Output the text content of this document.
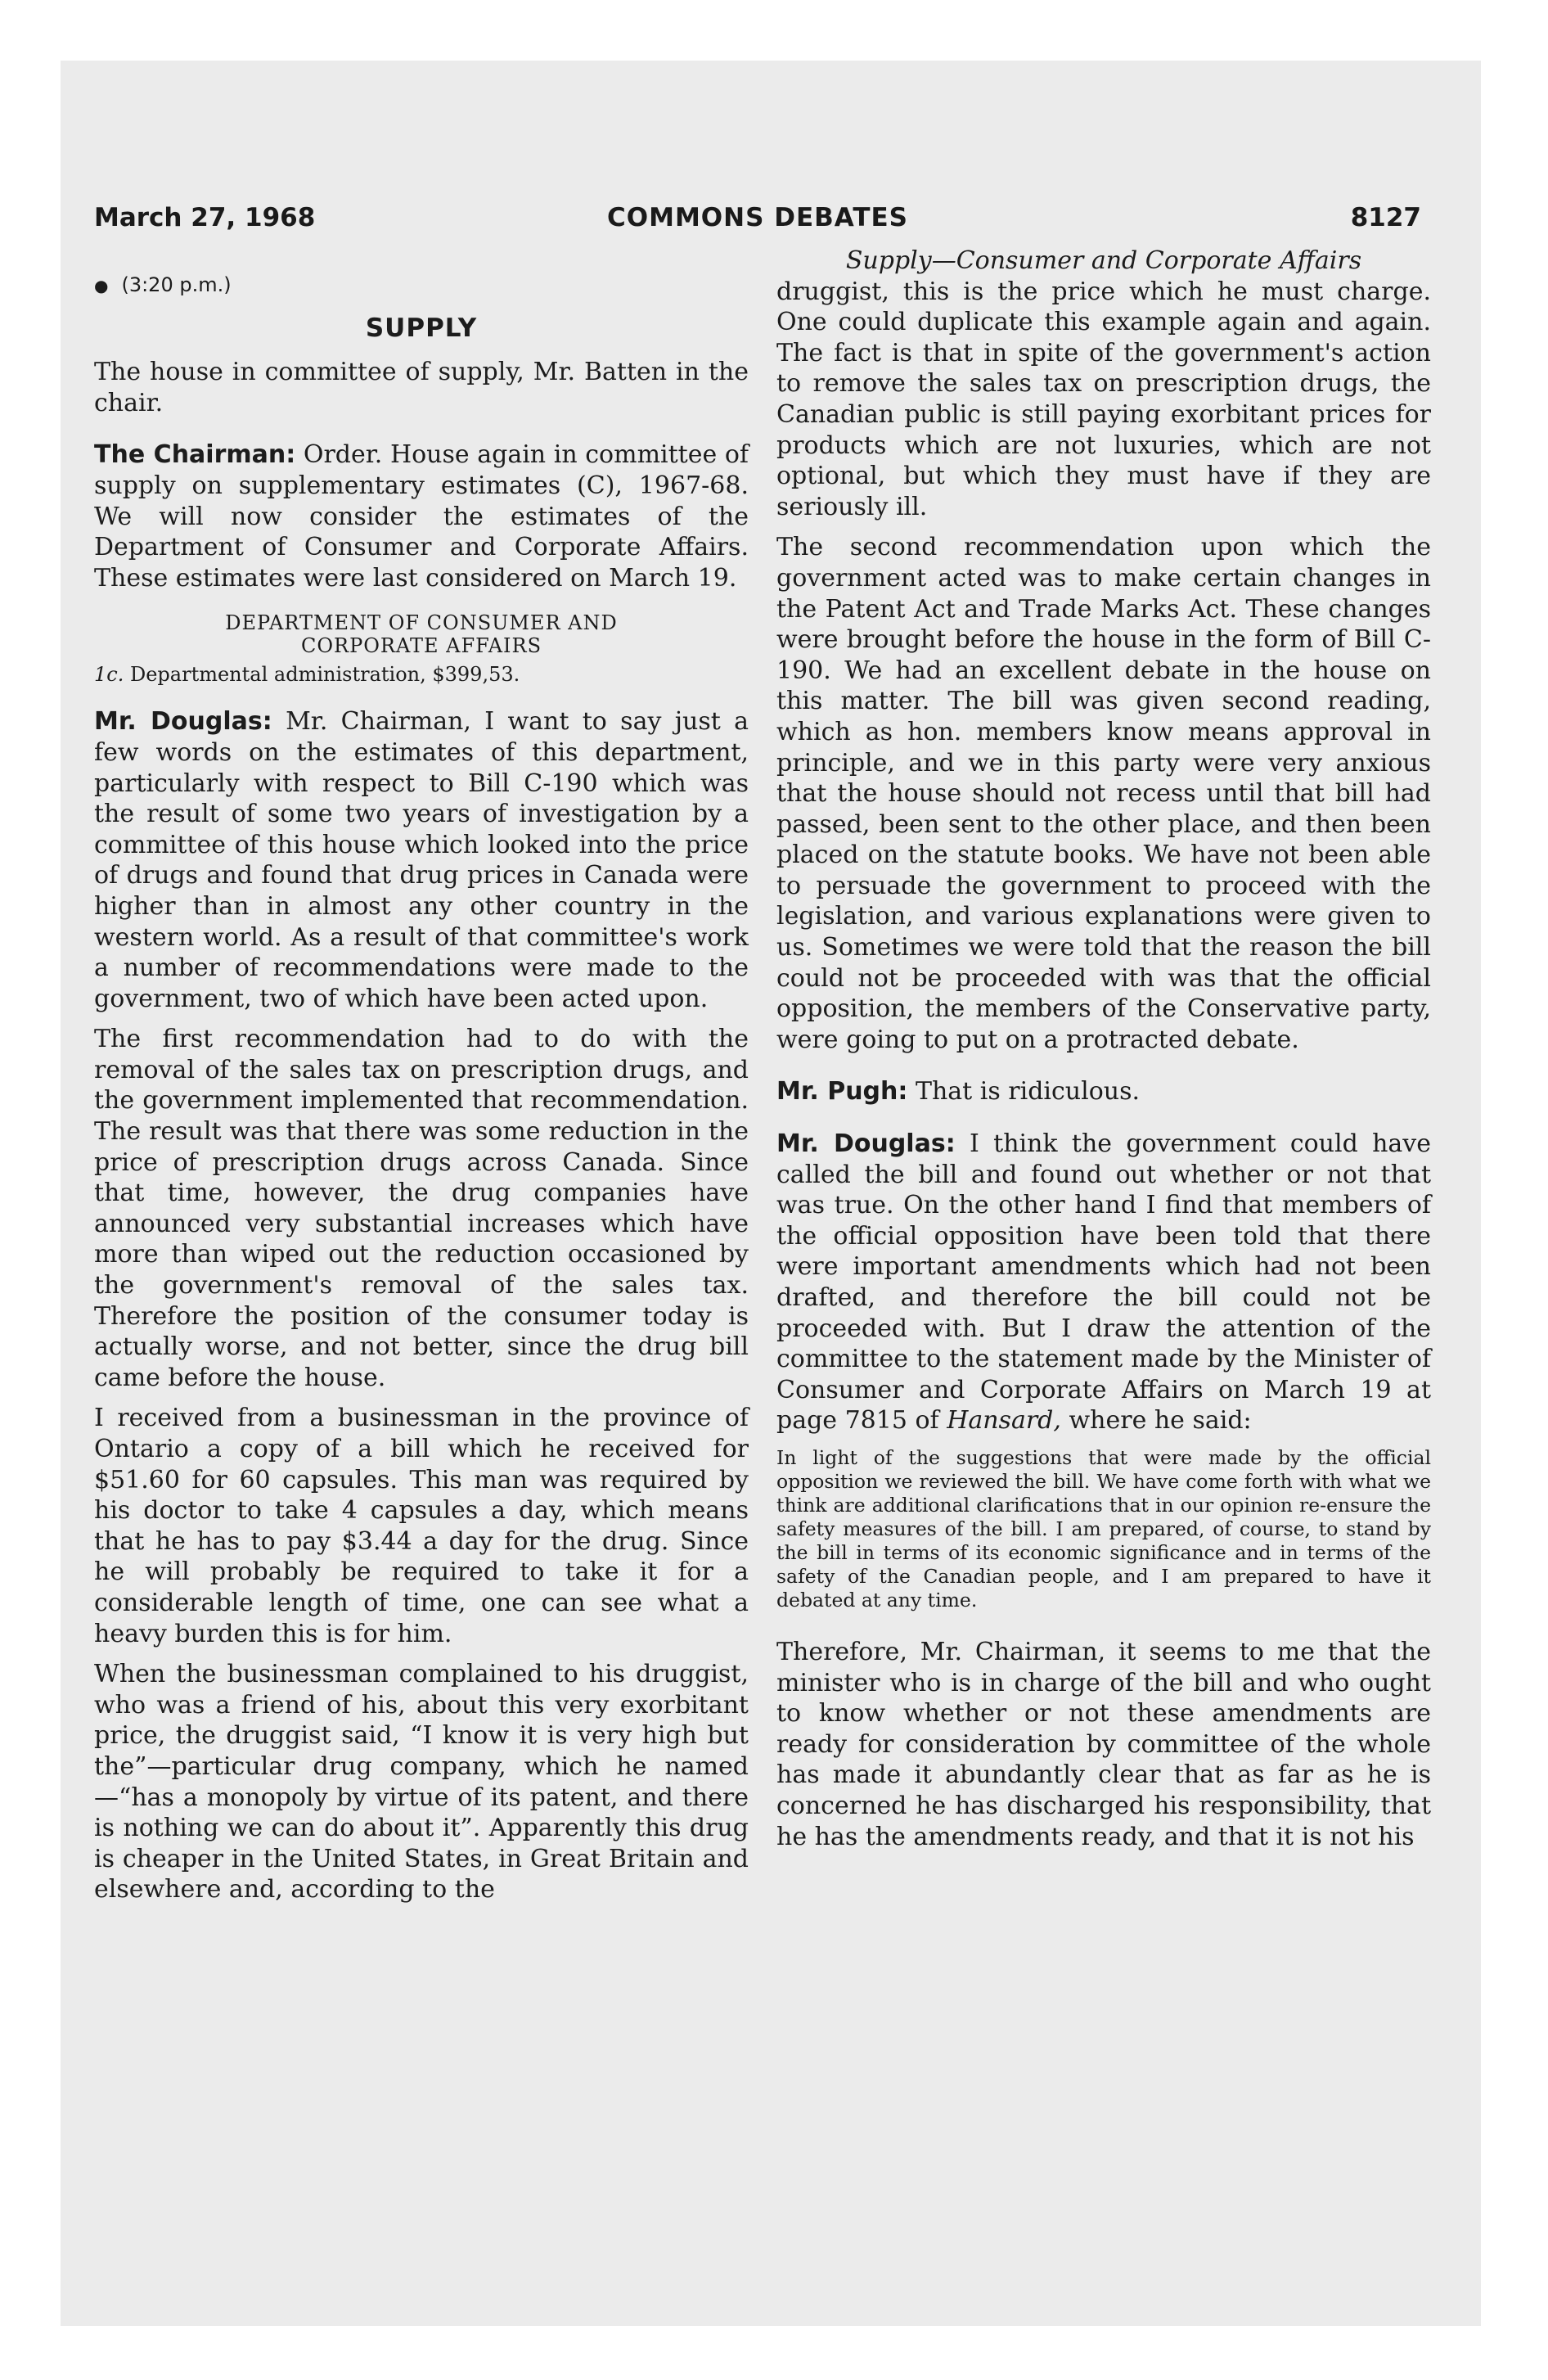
March 27, 1968	COMMONS DEBATES	8127
● (3:20 p.m.)
SUPPLY

The house in committee of supply, Mr. Batten in the chair.

The Chairman: Order. House again in committee of supply on supplementary estimates (C), 1967-68. We will now consider the estimates of the Department of Consumer and Corporate Affairs. These estimates were last considered on March 19.

DEPARTMENT OF CONSUMER AND
CORPORATE AFFAIRS
1c. Departmental administration, $399,53.

Mr. Douglas: Mr. Chairman, I want to say just a few words on the estimates of this department, particularly with respect to Bill C-190 which was the result of some two years of investigation by a committee of this house which looked into the price of drugs and found that drug prices in Canada were higher than in almost any other country in the western world. As a result of that committee's work a number of recommendations were made to the government, two of which have been acted upon.

The first recommendation had to do with the removal of the sales tax on prescription drugs, and the government implemented that recommendation. The result was that there was some reduction in the price of prescription drugs across Canada. Since that time, however, the drug companies have announced very substantial increases which have more than wiped out the reduction occasioned by the government's removal of the sales tax. Therefore the position of the consumer today is actually worse, and not better, since the drug bill came before the house.

I received from a businessman in the province of Ontario a copy of a bill which he received for $51.60 for 60 capsules. This man was required by his doctor to take 4 capsules a day, which means that he has to pay $3.44 a day for the drug. Since he will probably be required to take it for a considerable length of time, one can see what a heavy burden this is for him.

When the businessman complained to his druggist, who was a friend of his, about this very exorbitant price, the druggist said, “I know it is very high but the”—particular drug company, which he named—“has a monopoly by virtue of its patent, and there is nothing we can do about it”. Apparently this drug is cheaper in the United States, in Great Britain and elsewhere and, according to the

Supply—Consumer and Corporate Affairs

druggist, this is the price which he must charge. One could duplicate this example again and again. The fact is that in spite of the government's action to remove the sales tax on prescription drugs, the Canadian public is still paying exorbitant prices for products which are not luxuries, which are not optional, but which they must have if they are seriously ill.

The second recommendation upon which the government acted was to make certain changes in the Patent Act and Trade Marks Act. These changes were brought before the house in the form of Bill C-190. We had an excellent debate in the house on this matter. The bill was given second reading, which as hon. members know means approval in principle, and we in this party were very anxious that the house should not recess until that bill had passed, been sent to the other place, and then been placed on the statute books. We have not been able to persuade the government to proceed with the legislation, and various explanations were given to us. Sometimes we were told that the reason the bill could not be proceeded with was that the official opposition, the members of the Conservative party, were going to put on a protracted debate.

Mr. Pugh: That is ridiculous.

Mr. Douglas: I think the government could have called the bill and found out whether or not that was true. On the other hand I find that members of the official opposition have been told that there were important amendments which had not been drafted, and therefore the bill could not be proceeded with. But I draw the attention of the committee to the statement made by the Minister of Consumer and Corporate Affairs on March 19 at page 7815 of Hansard, where he said:

In light of the suggestions that were made by the official opposition we reviewed the bill. We have come forth with what we think are additional clarifications that in our opinion re-ensure the safety measures of the bill. I am prepared, of course, to stand by the bill in terms of its economic significance and in terms of the safety of the Canadian people, and I am prepared to have it debated at any time.

Therefore, Mr. Chairman, it seems to me that the minister who is in charge of the bill and who ought to know whether or not these amendments are ready for consideration by committee of the whole has made it abundantly clear that as far as he is concerned he has discharged his responsibility, that he has the amendments ready, and that it is not his
